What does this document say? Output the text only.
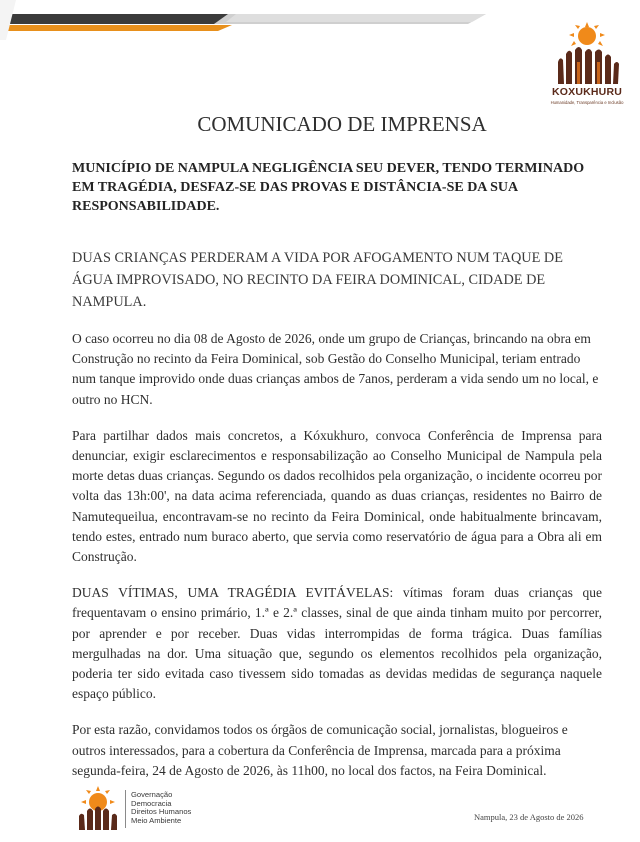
KOXUKHURU
Humanidade, Transparência e Inclusão
COMUNICADO DE IMPRENSA
MUNICÍPIO DE NAMPULA NEGLIGÊNCIA SEU DEVER, TENDO TERMINADO EM TRAGÉDIA, DESFAZ-SE DAS PROVAS E DISTÂNCIA-SE DA SUA RESPONSABILIDADE.
DUAS CRIANÇAS PERDERAM A VIDA POR AFOGAMENTO NUM TAQUE DE ÁGUA IMPROVISADO, NO RECINTO DA FEIRA DOMINICAL, CIDADE DE NAMPULA.

O caso ocorreu no dia 08 de Agosto de 2026, onde um grupo de Crianças, brincando na obra em Construção no recinto da Feira Dominical, sob Gestão do Conselho Municipal, teriam entrado num tanque improvido onde duas crianças ambos de 7anos, perderam a vida sendo um no local, e outro no HCN.

Para partilhar dados mais concretos, a Kóxukhuro, convoca Conferência de Imprensa para denunciar, exigir esclarecimentos e responsabilização ao Conselho Municipal de Nampula pela morte detas duas crianças. Segundo os dados recolhidos pela organização, o incidente ocorreu por volta das 13h:00', na data acima referenciada, quando as duas crianças, residentes no Bairro de Namutequeilua, encontravam-se no recinto da Feira Dominical, onde habitualmente brincavam, tendo estes, entrado num buraco aberto, que servia como reservatório de água para a Obra ali em Construção.

DUAS VÍTIMAS, UMA TRAGÉDIA EVITÁVELAS: vítimas foram duas crianças que frequentavam o ensino primário, 1.ª e 2.ª classes, sinal de que ainda tinham muito por percorrer, por aprender e por receber. Duas vidas interrompidas de forma trágica. Duas famílias mergulhadas na dor. Uma situação que, segundo os elementos recolhidos pela organização, poderia ter sido evitada caso tivessem sido tomadas as devidas medidas de segurança naquele espaço público.

Por esta razão, convidamos todos os órgãos de comunicação social, jornalistas, blogueiros e outros interessados, para a cobertura da Conferência de Imprensa, marcada para a próxima segunda-feira, 24 de Agosto de 2026, às 11h00, no local dos factos, na Feira Dominical.

Governação
Democracia
Direitos Humanos
Meio Ambiente	Nampula, 23 de Agosto de 2026
